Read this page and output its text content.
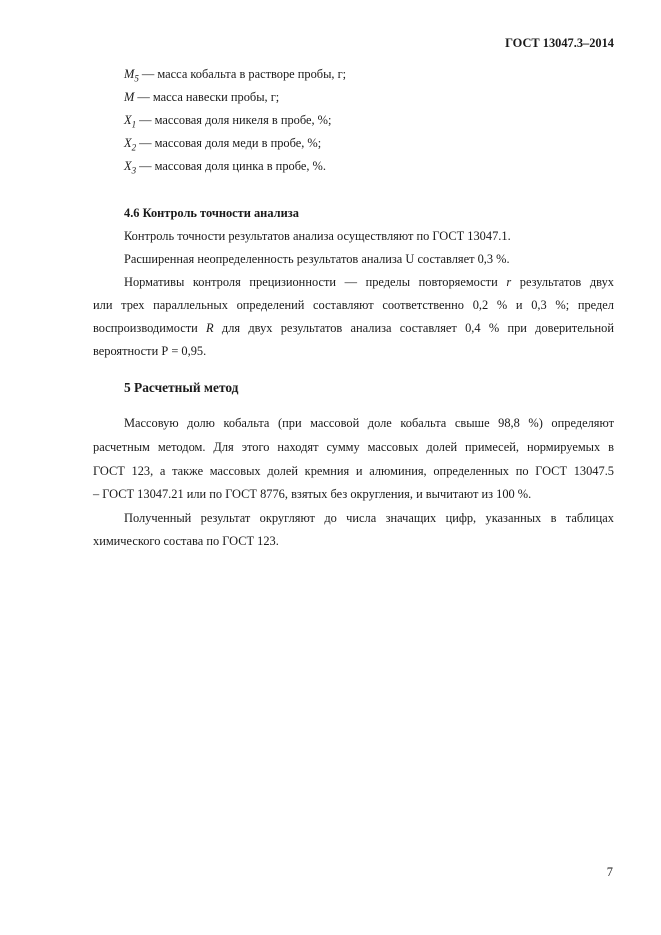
ГОСТ 13047.3–2014
$M_5$ — масса кобальта в растворе пробы, г;
M — масса навески пробы, г;
$X_1$ — массовая доля никеля в пробе, %;
$X_2$ — массовая доля меди в пробе, %;
$X_3$ — массовая доля цинка в пробе, %.
4.6 Контроль точности анализа
Контроль точности результатов анализа осуществляют по ГОСТ 13047.1.
Расширенная неопределенность результатов анализа U составляет 0,3 %.
Нормативы контроля прецизионности — пределы повторяемости r результатов двух
или трех параллельных определений составляют соответственно 0,2 % и 0,3 %; предел
воспроизводимости R для двух результатов анализа составляет 0,4 % при доверительной
вероятности Р = 0,95.
5 Расчетный метод
Массовую долю кобальта (при массовой доле кобальта свыше 98,8 %) определяют
расчетным методом. Для этого находят сумму массовых долей примесей, нормируемых в
ГОСТ 123, а также массовых долей кремния и алюминия, определенных по ГОСТ 13047.5
– ГОСТ 13047.21 или по ГОСТ 8776, взятых без округления, и вычитают из 100 %.
Полученный результат округляют до числа значащих цифр, указанных в таблицах
химического состава по ГОСТ 123.
7
